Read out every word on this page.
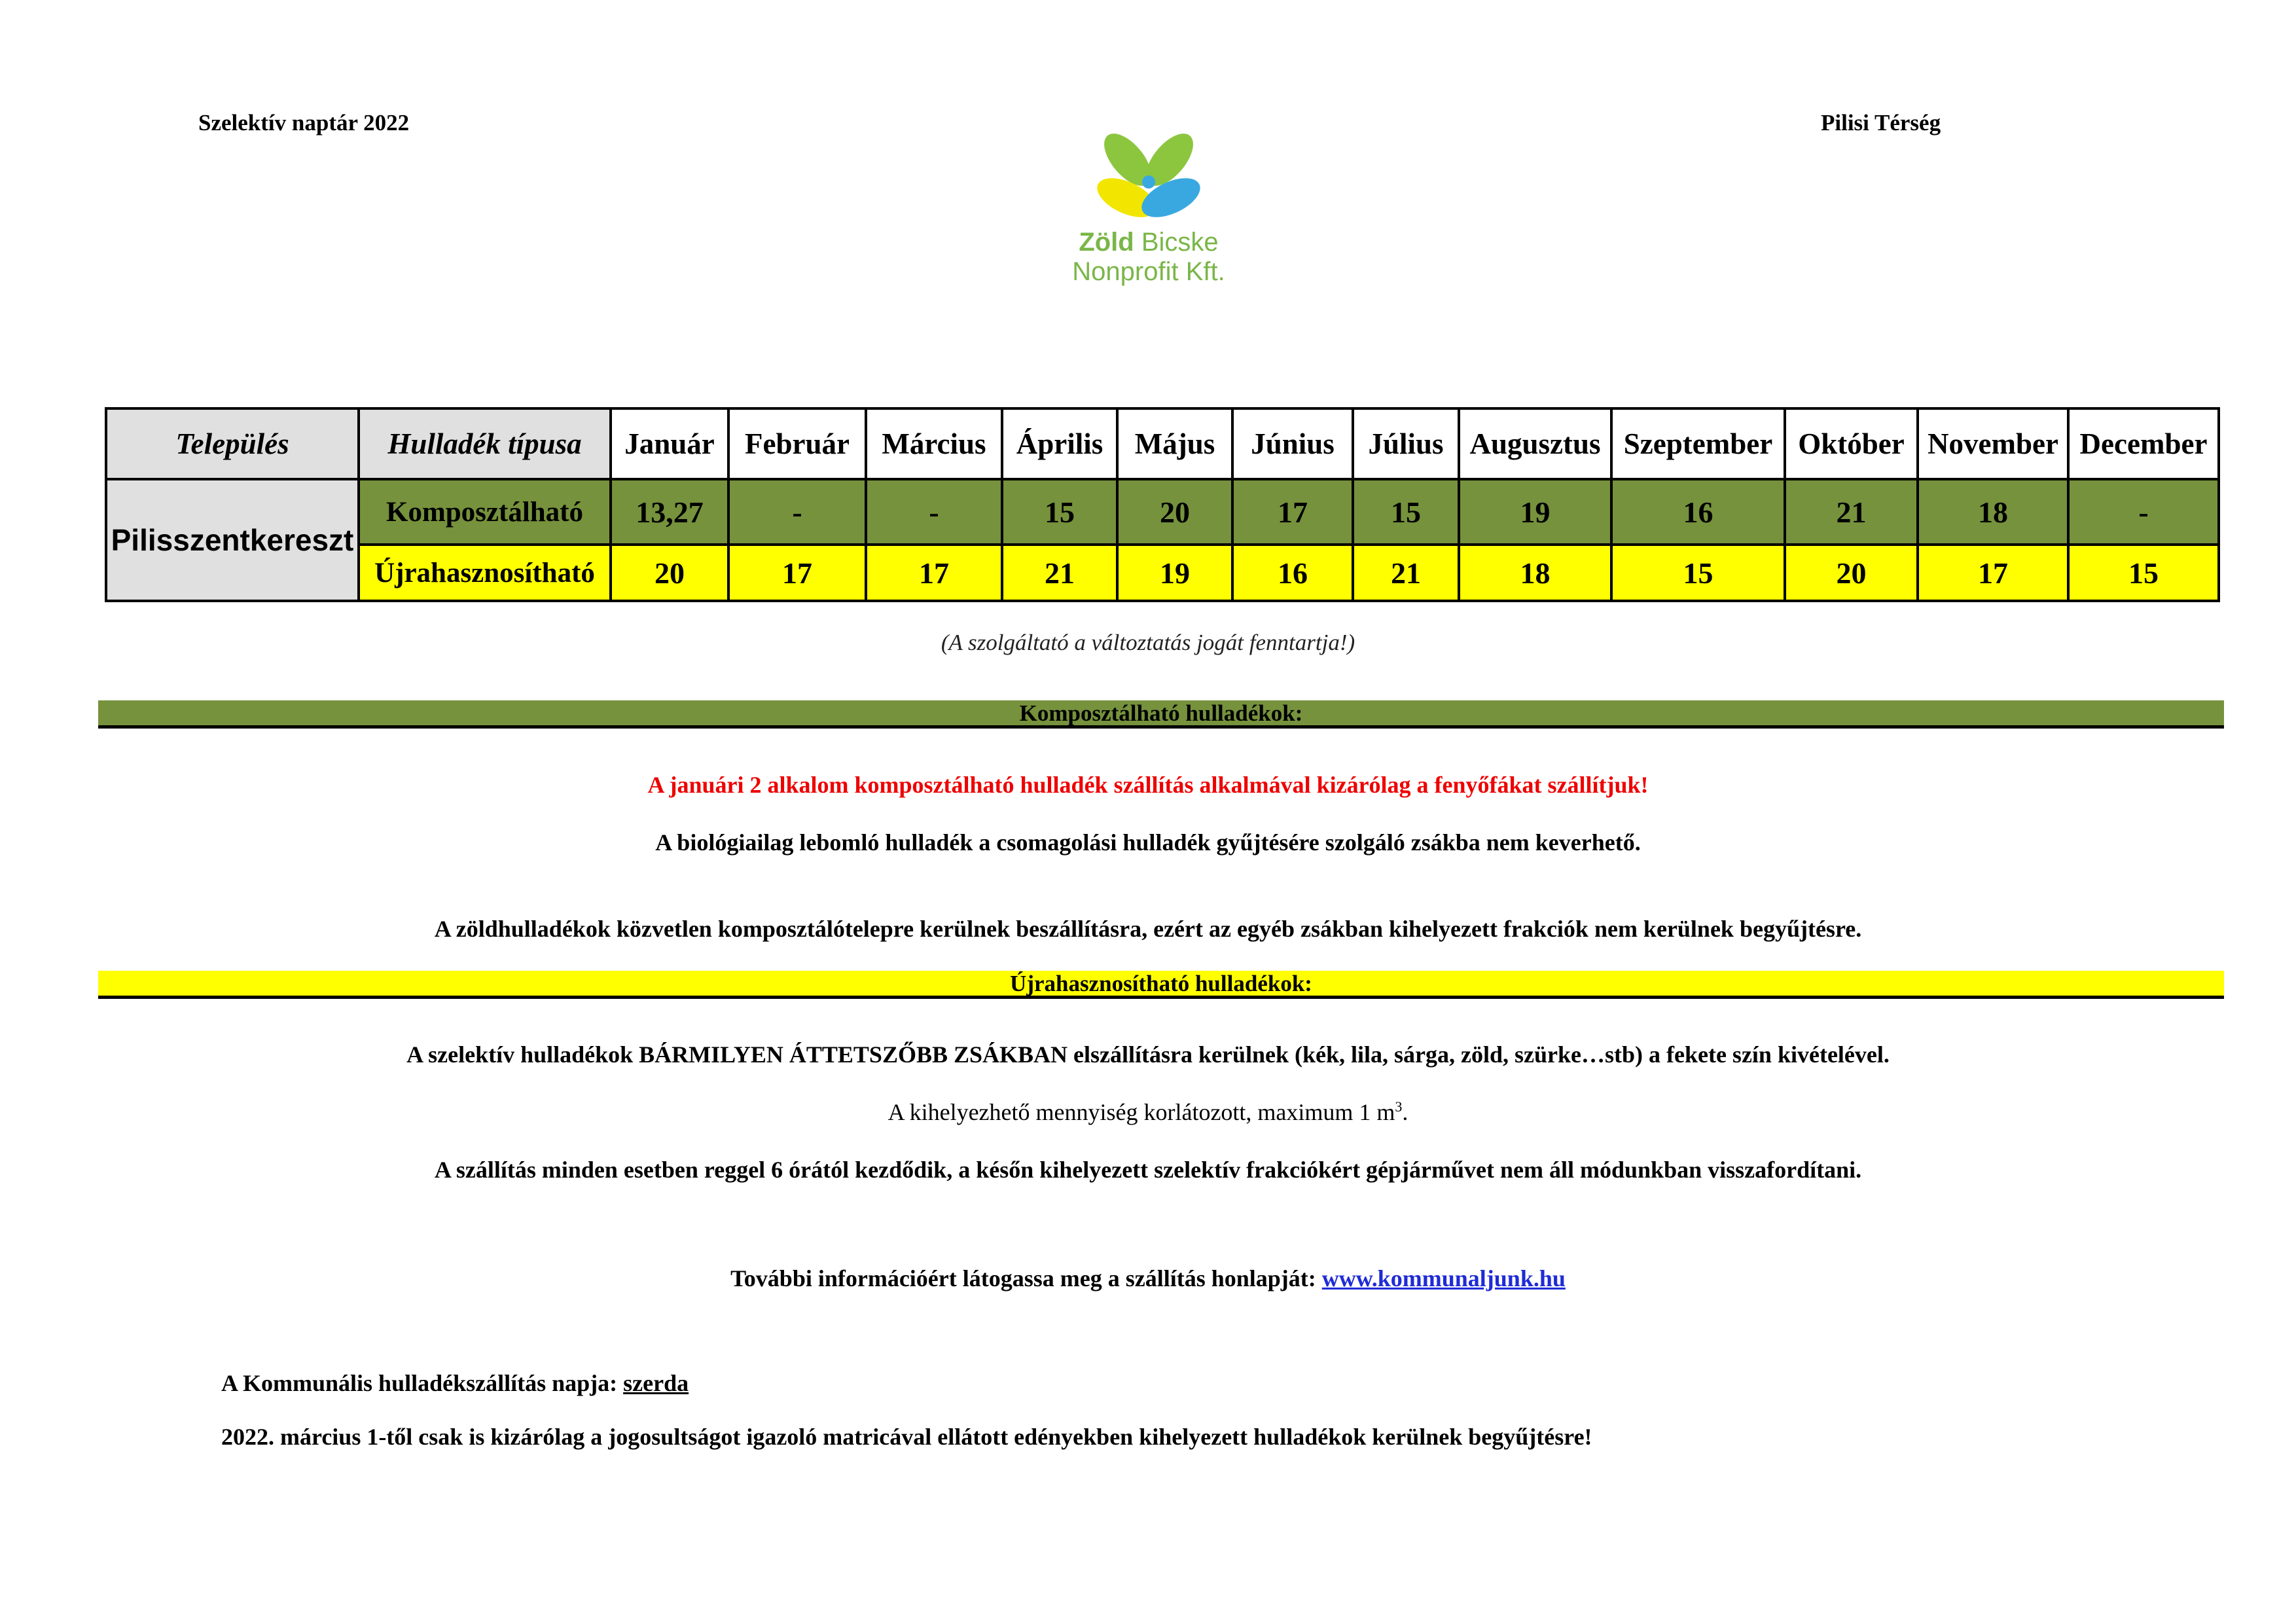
Szelektív naptár 2022	Pilisi Térség
Zöld Bicske
Nonprofit Kft.
Település	Hulladék típusa	Január	Február	Március	Április	Május	Június	Július	Augusztus	Szeptember	Október	November	December
Pilisszentkereszt	Komposztálható	13,27	-	-	15	20	17	15	19	16	21	18	-
	Újrahasznosítható	20	17	17	21	19	16	21	18	15	20	17	15
(A szolgáltató a változtatás jogát fenntartja!)
Komposztálható hulladékok:
A januári 2 alkalom komposztálható hulladék szállítás alkalmával kizárólag a fenyőfákat szállítjuk!
A biológiailag lebomló hulladék a csomagolási hulladék gyűjtésére szolgáló zsákba nem keverhető.
A zöldhulladékok közvetlen komposztálótelepre kerülnek beszállításra, ezért az egyéb zsákban kihelyezett frakciók nem kerülnek begyűjtésre.
Újrahasznosítható hulladékok:
A szelektív hulladékok BÁRMILYEN ÁTTETSZŐBB ZSÁKBAN elszállításra kerülnek (kék, lila, sárga, zöld, szürke…stb) a fekete szín kivételével.
A kihelyezhető mennyiség korlátozott, maximum 1 $m^3$.
A szállítás minden esetben reggel 6 órától kezdődik, a későn kihelyezett szelektív frakciókért gépjárművet nem áll módunkban visszafordítani.
További információért látogassa meg a szállítás honlapját: www.kommunaljunk.hu
A Kommunális hulladékszállítás napja: szerda
2022. március 1-től csak is kizárólag a jogosultságot igazoló matricával ellátott edényekben kihelyezett hulladékok kerülnek begyűjtésre!
